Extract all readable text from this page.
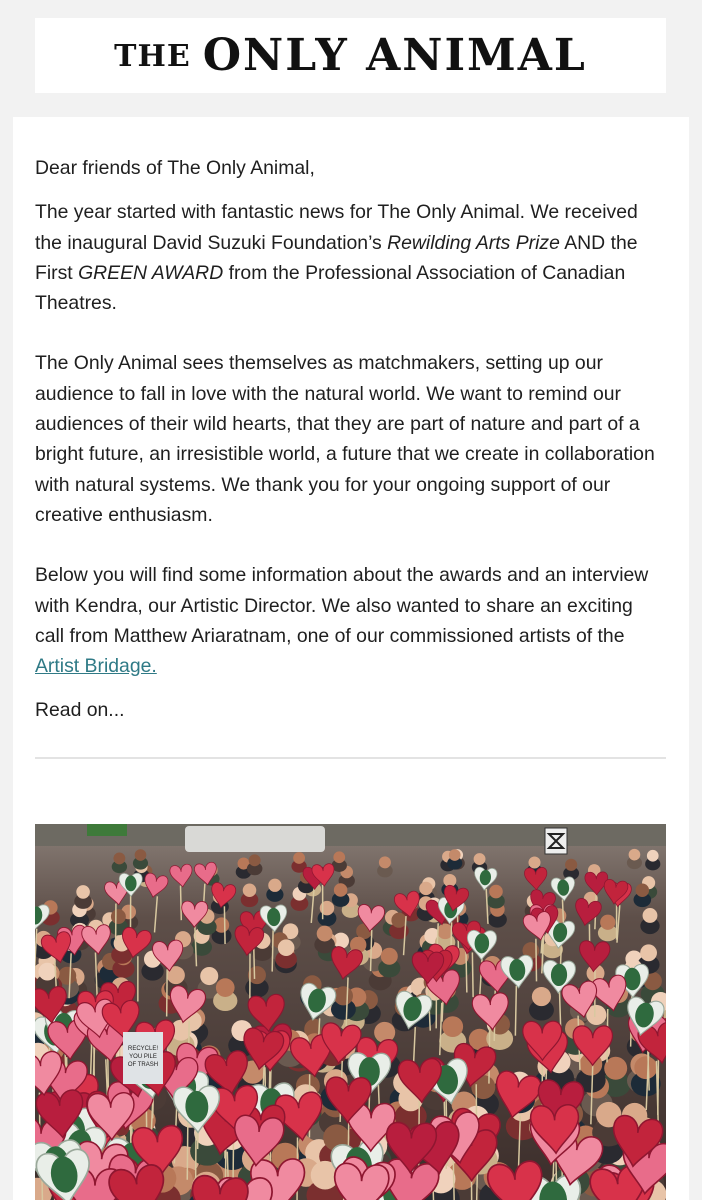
THE ONLY ANIMAL

Dear friends of The Only Animal,

The year started with fantastic news for The Only Animal. We received the inaugural David Suzuki Foundation’s Rewilding Arts Prize AND the First GREEN AWARD from the Professional Association of Canadian Theatres.

The Only Animal sees themselves as matchmakers, setting up our audience to fall in love with the natural world. We want to remind our audiences of their wild hearts, that they are part of nature and part of a bright future, an irresistible world, a future that we create in collaboration with natural systems. We thank you for your ongoing support of our creative enthusiasm.

Below you will find some information about the awards and an interview with Kendra, our Artistic Director. We also wanted to share an exciting call from Matthew Ariaratnam, one of our commissioned artists of the Artist Bridage.

Read on...

RECYCLE!
YOU PILE
OF TRASH
